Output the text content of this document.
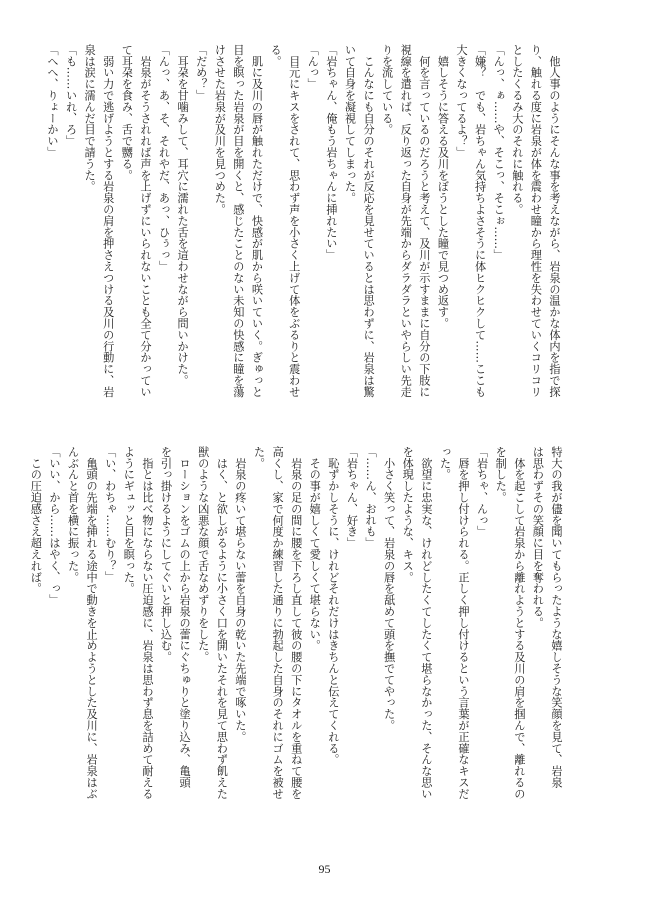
　他人事のようにそんな事を考えながら、岩泉の温かな体内を指で探
り、触れる度に岩泉が体を震わせ瞳から理性を失わせていくコリコリ
としたくるみ大のそれに触れる。
「んっ、ぁ……や、そこっ、そこぉ……」
「嫌？　でも、岩ちゃん気持ちよさそうに体ヒクヒクして……ここも
大きくなってるよ？」
　嬉しそうに答える及川をぼうとした瞳で見つめ返す。
　何を言っているのだろうと考えて、及川が示すままに自分の下肢に
視線を遣れば、反り返った自身が先端からダラダラといやらしい先走
りを流している。
　こんなにも自分のそれが反応を見せているとは思わずに、岩泉は驚
いて自身を凝視してしまった。
「岩ちゃん、俺もう岩ちゃんに挿れたい」
「んっ」
　目元にキスをされて、思わず声を小さく上げて体をぶるりと震わせ
る。
　肌に及川の唇が触れただけで、快感が肌から咲いていく。ぎゅっと
目を瞑った岩泉が目を開くと、感じたことのない未知の快感に瞳を蕩
けさせた岩泉が及川を見つめた。
「だめ？」
　耳朶を甘噛みして、耳穴に濡れた舌を這わせながら問いかけた。
「んっ、あ、そ、それやだ、あっ、ひぅっ」
　岩泉がそうされれば声を上げずにいられないことも全て分かってい
て耳朶を食み、舌で嬲る。
　弱い力で逃げようとする岩泉の肩を押さえつける及川の行動に、岩
泉は涙に濡んだ目で請うた。
「も……いれ、ろ」
「へへ、りょーかい」
特大の我が儘を聞いてもらったような嬉しそうな笑顔を見て、岩泉
は思わずその笑顔に目を奪われる。
　体を起こして岩泉から離れようとする及川の肩を掴んで、離れるの
を制した。
「岩ちゃ、んっ」
　唇を押し付けられる。正しく押し付けるという言葉が正確なキスだ
った。
　欲望に忠実な、けれどしたくてしたくて堪らなかった、そんな思い
を体現したような、キス。
　小さく笑って、岩泉の唇を舐めて頭を撫でてやった。
「……ん、おれも」
「岩ちゃん、好き」
　恥ずかしそうに、けれどそれだけはきちんと伝えてくれる。
　その事が嬉しくて愛しくて堪らない。
　岩泉の足の間に腰を下ろし直して彼の腰の下にタオルを重ねて腰を
高くし、家で何度か練習した通りに勃起した自身のそれにゴムを被せ
た。
　岩泉の疼いて堪らない蕾を自身の乾いた先端で啄いた。
　はく、と欲しがるように小さく口を開いたそれを見て思わず飢えた
獣のような凶悪な顔で舌なめずりをした。
　ローションをゴムの上から岩泉の蕾にぐちゅりと塗り込み、亀頭
を引っ掛けるようにしてぐいと押し込む。
　指とは比べ物にならない圧迫感に、岩泉は思わず息を詰めて耐える
ようにギュッと目を瞑った。
「い、わちゃ……むり？」
　亀頭の先端を挿れる途中で動きを止めようとした及川に、岩泉はぶ
んぶんと首を横に振った。
「いい、から……はやく、っ」
　この圧迫感さえ超えれば。
95
